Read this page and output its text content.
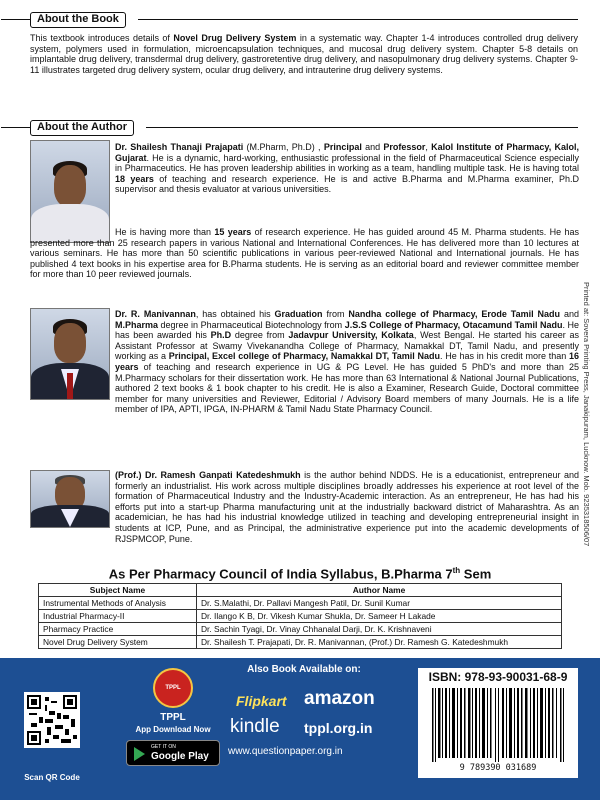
About the Book
This textbook introduces details of Novel Drug Delivery System in a systematic way. Chapter 1-4 introduces controlled drug delivery system, polymers used in formulation, microencapsulation techniques, and mucosal drug delivery system. Chapter 5-8 details on implantable drug delivery, transdermal drug delivery, gastroretentive drug delivery, and nasopulmonary drug delivery systems. Chapter 9-11 illustrates targeted drug delivery system, ocular drug delivery, and intrauterine drug delivery systems.
About the Author
Dr. Shailesh Thanaji Prajapati (M.Pharm, Ph.D) , Principal and Professor, Kalol Institute of Pharmacy, Kalol, Gujarat. He is a dynamic, hard-working, enthusiastic professional in the field of Pharmaceutical Science especially in Pharmaceutics. He has proven leadership abilities in working as a team, handling multiple task. He is having total 18 years of teaching and research experience. He is and active B.Pharma and M.Pharma examiner, Ph.D supervisor and thesis evaluator at various universities.
He is having more than 15 years of research experience. He has guided around 45 M. Pharma students. He has presented more than 25 research papers in various National and International Conferences. He has delivered more than 10 lectures at various seminars. He has more than 50 scientific publications in various peer-reviewed National and International journals. He has published 4 text books in his expertise area for B.Pharma students. He is serving as an editorial board and reviewer committee member for more than 10 peer reviewed journals.
Dr. R. Manivannan, has obtained his Graduation from Nandha college of Pharmacy, Erode Tamil Nadu and M.Pharma degree in Pharmaceutical Biotechnology from J.S.S College of Pharmacy, Otacamund Tamil Nadu. He has been awarded his Ph.D degree from Jadavpur University, Kolkata, West Bengal. He started his career as Assistant Professor at Swamy Vivekanandha College of Pharmacy, Namakkal DT, Tamil Nadu, and presently working as a Principal, Excel college of Pharmacy, Namakkal DT, Tamil Nadu. He has in his credit more than 16 years of teaching and research experience in UG & PG Level. He has guided 5 PhD's and more than 25 M.Pharmacy scholars for their dissertation work. He has more than 63 International & National Journal Publications, authored 2 text books & 1 book chapter to his credit. He is also a Examiner, Research Guide, Doctoral committee member for many universities and Reviewer, Editorial / Advisory Board members of many Journals. He is a life member of IPA, APTI, IPGA, IN-PHARM & Tamil Nadu State Pharmacy Council.
(Prof.) Dr. Ramesh Ganpati Katedeshmukh is the author behind NDDS. He is a educationist, entrepreneur and formerly an industrialist. His work across multiple disciplines broadly addresses his experience at root level of the formation of Pharmaceutical Industry and the Industry-Academic interaction. As an entrepreneur, He has had his efforts put into a start-up Pharma manufacturing unit at the industrially backward district of Maharashtra. As an academician, he has had his industrial knowledge utilized in teaching and developing entrepreneurial insight in students at ICP, Pune, and as Principal, the administrative experience put into the academic developments of RJSPMCOP, Pune.
As Per Pharmacy Council of India Syllabus, B.Pharma 7th Sem
Subject Name	Author Name
Instrumental Methods of Analysis	Dr. S.Malathi, Dr. Pallavi Mangesh Patil, Dr. Sunil Kumar
Industrial Pharmacy-II	Dr. Ilango K B, Dr. Vikesh Kumar Shukla, Dr. Sameer H Lakade
Pharmacy Practice	Dr. Sachin Tyagi, Dr. Vinay Chhanalal Darji, Dr. K. Krishnaveni
Novel Drug Delivery System	Dr. Shailesh T. Prajapati, Dr. R. Manivannan, (Prof.) Dr. Ramesh G. Katedeshmukh
Printed at: Sovera Printing Press, Janakipuram, Lucknow. Mob. 9235318506/07
Scan QR Code
TPPL
TPPL
App Download Now
GET IT ON
Google Play
Also Book Available on:
Flipkart amazon
kindle tppl.org.in
www.questionpaper.org.in
ISBN: 978-93-90031-68-9
9 789390 031689
